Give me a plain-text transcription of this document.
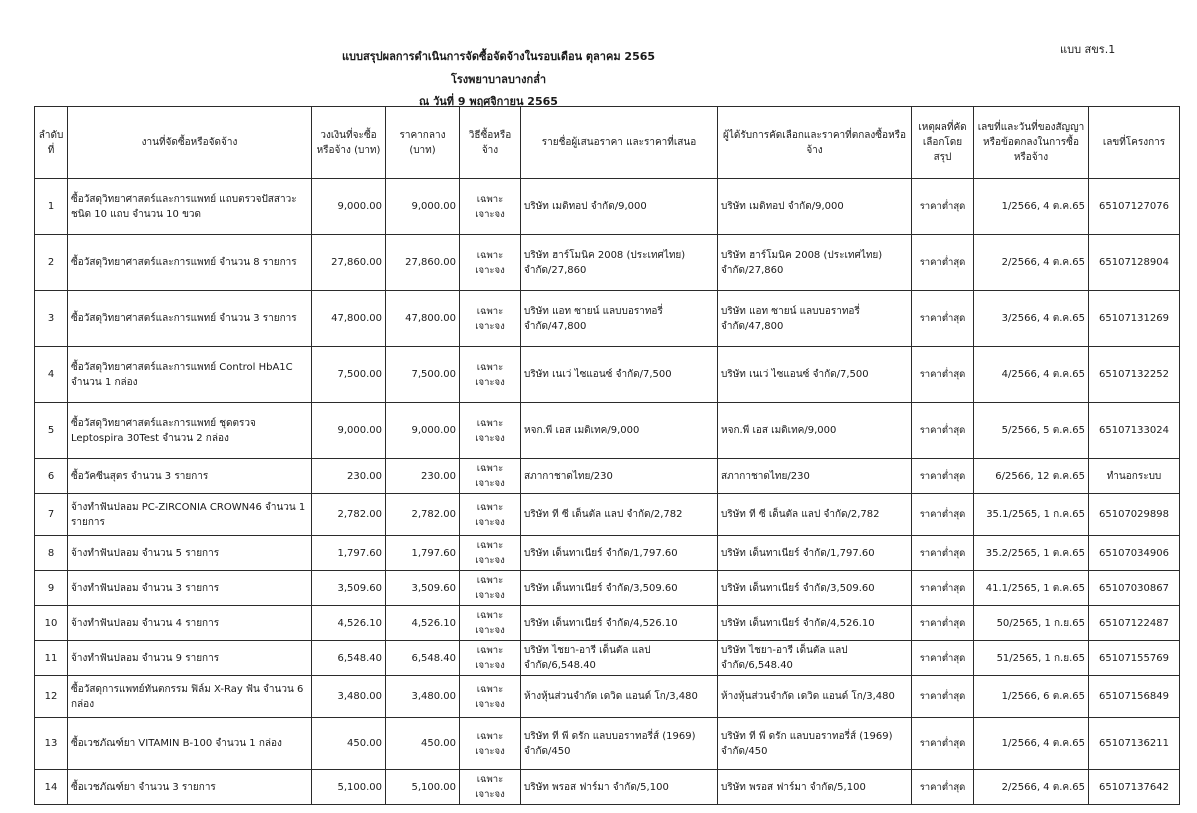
แบบ สขร.1
แบบสรุปผลการดำเนินการจัดซื้อจัดจ้างในรอบเดือน ตุลาคม 2565
โรงพยาบาลบางกล่ำ
ณ วันที่ 9 พฤศจิกายน 2565
ลำดับที่	งานที่จัดซื้อหรือจัดจ้าง	วงเงินที่จะซื้อหรือจ้าง (บาท)	ราคากลาง (บาท)	วิธีซื้อหรือจ้าง	รายชื่อผู้เสนอราคา และราคาที่เสนอ	ผู้ได้รับการคัดเลือกและราคาที่ตกลงซื้อหรือจ้าง	เหตุผลที่คัดเลือกโดยสรุป	เลขที่และวันที่ของสัญญาหรือข้อตกลงในการซื้อหรือจ้าง	เลขที่โครงการ
1	ซื้อวัสดุวิทยาศาสตร์และการแพทย์ แถบตรวจปัสสาวะชนิด 10 แถบ จำนวน 10 ขวด	9,000.00	9,000.00	เฉพาะเจาะจง	บริษัท เมดิทอป จำกัด/9,000	บริษัท เมดิทอป จำกัด/9,000	ราคาต่ำสุด	1/2566, 4 ต.ค.65	65107127076
2	ซื้อวัสดุวิทยาศาสตร์และการแพทย์ จำนวน 8 รายการ	27,860.00	27,860.00	เฉพาะเจาะจง	บริษัท ฮาร์โมนิค 2008 (ประเทศไทย) จำกัด/27,860	บริษัท ฮาร์โมนิค 2008 (ประเทศไทย) จำกัด/27,860	ราคาต่ำสุด	2/2566, 4 ต.ค.65	65107128904
3	ซื้อวัสดุวิทยาศาสตร์และการแพทย์ จำนวน 3 รายการ	47,800.00	47,800.00	เฉพาะเจาะจง	บริษัท แอท ซายน์ แลบบอราทอรี่ จำกัด/47,800	บริษัท แอท ซายน์ แลบบอราทอรี่ จำกัด/47,800	ราคาต่ำสุด	3/2566, 4 ต.ค.65	65107131269
4	ซื้อวัสดุวิทยาศาสตร์และการแพทย์ Control HbA1C จำนวน 1 กล่อง	7,500.00	7,500.00	เฉพาะเจาะจง	บริษัท เนเว่ ไซแอนซ์ จำกัด/7,500	บริษัท เนเว่ ไซแอนซ์ จำกัด/7,500	ราคาต่ำสุด	4/2566, 4 ต.ค.65	65107132252
5	ซื้อวัสดุวิทยาศาสตร์และการแพทย์ ชุดตรวจ Leptospira 30Test จำนวน 2 กล่อง	9,000.00	9,000.00	เฉพาะเจาะจง	หจก.พี เอส เมดิเทค/9,000	หจก.พี เอส เมดิเทค/9,000	ราคาต่ำสุด	5/2566, 5 ต.ค.65	65107133024
6	ซื้อวัคซีนสุตร จำนวน 3 รายการ	230.00	230.00	เฉพาะเจาะจง	สภากาชาดไทย/230	สภากาชาดไทย/230	ราคาต่ำสุด	6/2566, 12 ต.ค.65	ทำนอกระบบ
7	จ้างทำฟันปลอม PC-ZIRCONIA CROWN46 จำนวน 1 รายการ	2,782.00	2,782.00	เฉพาะเจาะจง	บริษัท ที ซี เด็นตัล แลป จำกัด/2,782	บริษัท ที ซี เด็นตัล แลป จำกัด/2,782	ราคาต่ำสุด	35.1/2565, 1 ก.ค.65	65107029898
8	จ้างทำฟันปลอม จำนวน 5 รายการ	1,797.60	1,797.60	เฉพาะเจาะจง	บริษัท เด็นทาเนียร์ จำกัด/1,797.60	บริษัท เด็นทาเนียร์ จำกัด/1,797.60	ราคาต่ำสุด	35.2/2565, 1 ต.ค.65	65107034906
9	จ้างทำฟันปลอม จำนวน 3 รายการ	3,509.60	3,509.60	เฉพาะเจาะจง	บริษัท เด็นทาเนียร์ จำกัด/3,509.60	บริษัท เด็นทาเนียร์ จำกัด/3,509.60	ราคาต่ำสุด	41.1/2565, 1 ต.ค.65	65107030867
10	จ้างทำฟันปลอม จำนวน 4 รายการ	4,526.10	4,526.10	เฉพาะเจาะจง	บริษัท เด็นทาเนียร์ จำกัด/4,526.10	บริษัท เด็นทาเนียร์ จำกัด/4,526.10	ราคาต่ำสุด	50/2565, 1 ก.ย.65	65107122487
11	จ้างทำฟันปลอม จำนวน 9 รายการ	6,548.40	6,548.40	เฉพาะเจาะจง	บริษัท ไชยา-อารี เด็นตัล แลป จำกัด/6,548.40	บริษัท ไชยา-อารี เด็นตัล แลป จำกัด/6,548.40	ราคาต่ำสุด	51/2565, 1 ก.ย.65	65107155769
12	ซื้อวัสดุการแพทย์ทันตกรรม ฟิล์ม X-Ray ฟัน จำนวน 6 กล่อง	3,480.00	3,480.00	เฉพาะเจาะจง	ห้างหุ้นส่วนจำกัด เดวิด แอนด์ โก/3,480	ห้างหุ้นส่วนจำกัด เดวิด แอนด์ โก/3,480	ราคาต่ำสุด	1/2566, 6 ต.ค.65	65107156849
13	ซื้อเวชภัณฑ์ยา VITAMIN B-100 จำนวน 1 กล่อง	450.00	450.00	เฉพาะเจาะจง	บริษัท ที พี ดรัก แลบบอราทอรี่ส์ (1969) จำกัด/450	บริษัท ที พี ดรัก แลบบอราทอรี่ส์ (1969) จำกัด/450	ราคาต่ำสุด	1/2566, 4 ต.ค.65	65107136211
14	ซื้อเวชภัณฑ์ยา จำนวน 3 รายการ	5,100.00	5,100.00	เฉพาะเจาะจง	บริษัท พรอส ฟาร์มา จำกัด/5,100	บริษัท พรอส ฟาร์มา จำกัด/5,100	ราคาต่ำสุด	2/2566, 4 ต.ค.65	65107137642
